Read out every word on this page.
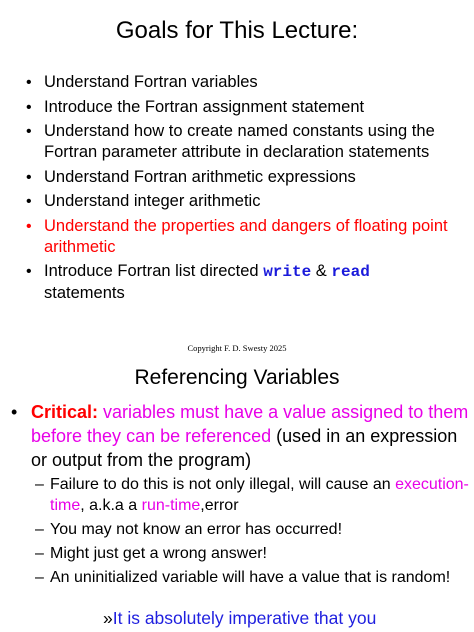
Goals for This Lecture:
• Understand Fortran variables
• Introduce the Fortran assignment statement
• Understand how to create named constants using the Fortran parameter attribute in declaration statements
• Understand Fortran arithmetic expressions
• Understand integer arithmetic
• Understand the properties and dangers of floating point arithmetic
• Introduce Fortran list directed write & read
statements
Copyright F. D. Swesty 2025
Referencing Variables
• Critical: variables must have a value assigned to them before they can be referenced (used in an expression or output from the program)
– Failure to do this is not only illegal, will cause an execution-time, a.k.a a run-time,error
– You may not know an error has occurred!
– Might just get a wrong answer!
– An uninitialized variable will have a value that is random!
»It is absolutely imperative that you
